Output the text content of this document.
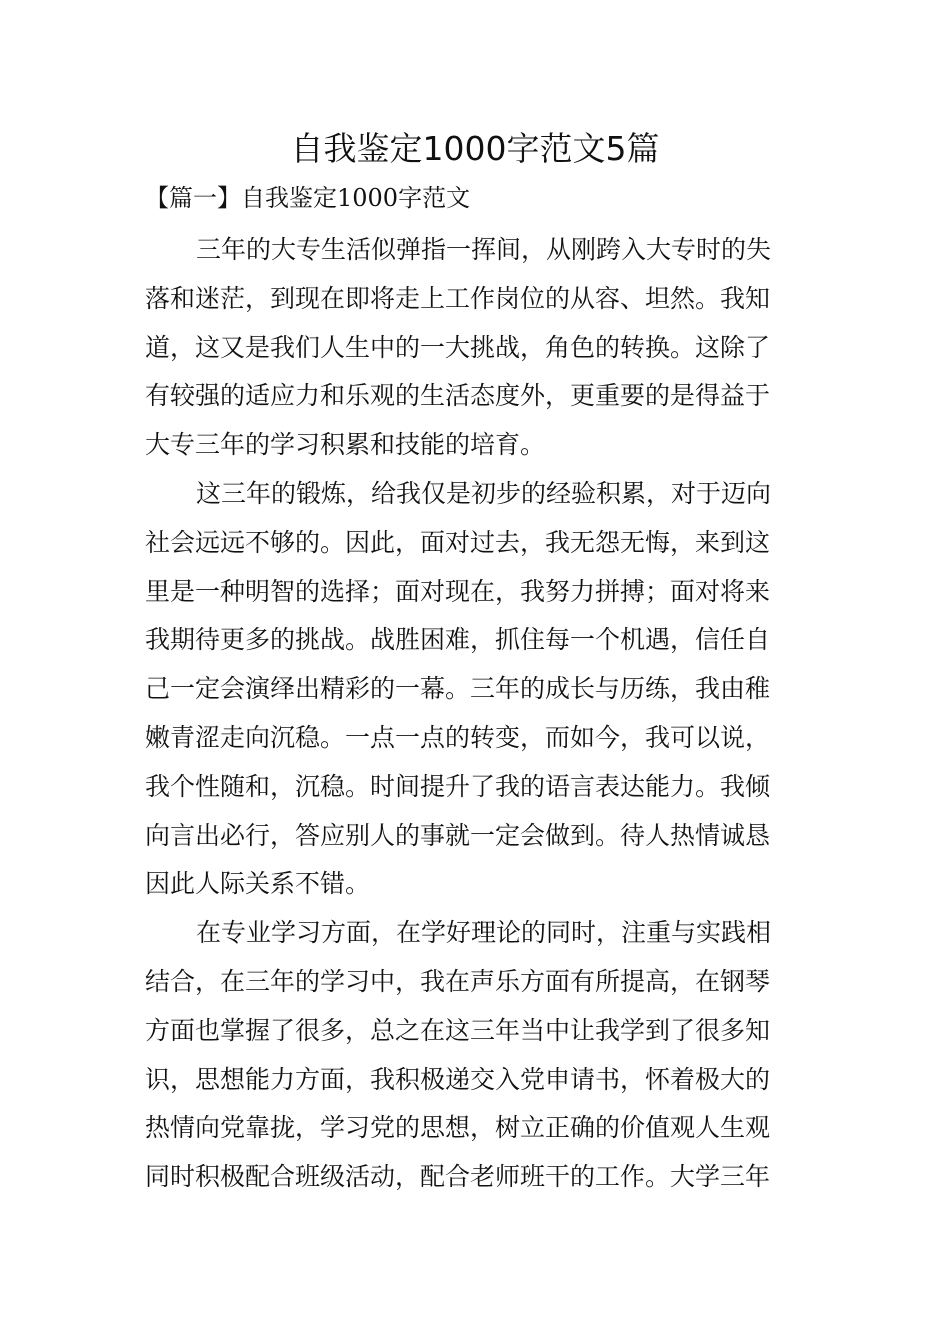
自我鉴定1000字范文5篇
【篇一】自我鉴定1000字范文
三年的大专生活似弹指一挥间，从刚跨入大专时的失
落和迷茫，到现在即将走上工作岗位的从容、坦然。我知
道，这又是我们人生中的一大挑战，角色的转换。这除了
有较强的适应力和乐观的生活态度外，更重要的是得益于
大专三年的学习积累和技能的培育。
这三年的锻炼，给我仅是初步的经验积累，对于迈向
社会远远不够的。因此，面对过去，我无怨无悔，来到这
里是一种明智的选择；面对现在，我努力拼搏；面对将来
我期待更多的挑战。战胜困难，抓住每一个机遇，信任自
己一定会演绎出精彩的一幕。三年的成长与历练，我由稚
嫩青涩走向沉稳。一点一点的转变，而如今，我可以说，
我个性随和，沉稳。时间提升了我的语言表达能力。我倾
向言出必行，答应别人的事就一定会做到。待人热情诚恳
因此人际关系不错。
在专业学习方面，在学好理论的同时，注重与实践相
结合，在三年的学习中，我在声乐方面有所提高，在钢琴
方面也掌握了很多，总之在这三年当中让我学到了很多知
识，思想能力方面，我积极递交入党申请书，怀着极大的
热情向党靠拢，学习党的思想，树立正确的价值观人生观
同时积极配合班级活动，配合老师班干的工作。大学三年
